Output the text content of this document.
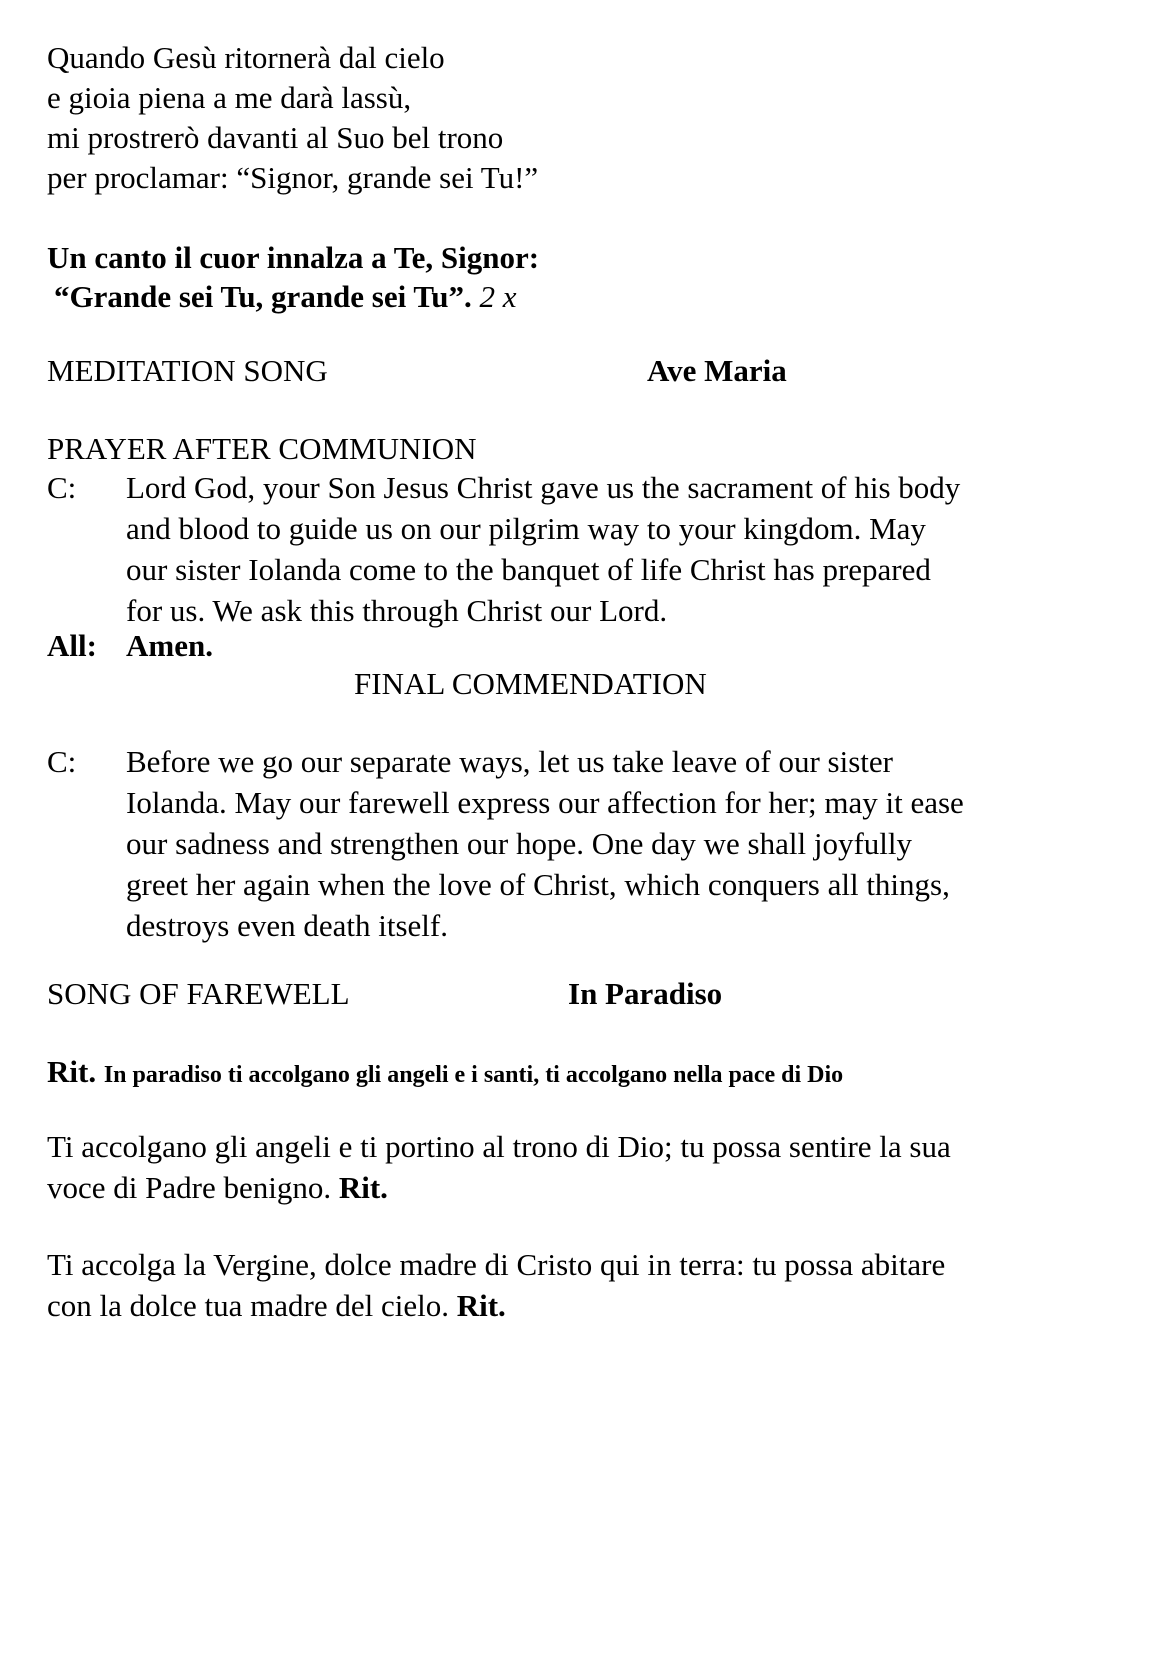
Quando Gesù ritornerà dal cielo
e gioia piena a me darà lassù,
mi prostrerò davanti al Suo bel trono
per proclamar: “Signor, grande sei Tu!”
Un canto il cuor innalza a Te, Signor:
“Grande sei Tu, grande sei Tu”. 2 x
MEDITATION SONG	Ave Maria
PRAYER AFTER COMMUNION
C: Lord God, your Son Jesus Christ gave us the sacrament of his body
and blood to guide us on our pilgrim way to your kingdom. May
our sister Iolanda come to the banquet of life Christ has prepared
for us. We ask this through Christ our Lord.
All: Amen.
FINAL COMMENDATION
C: Before we go our separate ways, let us take leave of our sister
Iolanda. May our farewell express our affection for her; may it ease
our sadness and strengthen our hope. One day we shall joyfully
greet her again when the love of Christ, which conquers all things,
destroys even death itself.
SONG OF FAREWELL	In Paradiso
Rit. In paradiso ti accolgano gli angeli e i santi, ti accolgano nella pace di Dio
Ti accolgano gli angeli e ti portino al trono di Dio; tu possa sentire la sua
voce di Padre benigno. Rit.
Ti accolga la Vergine, dolce madre di Cristo qui in terra: tu possa abitare
con la dolce tua madre del cielo. Rit.
